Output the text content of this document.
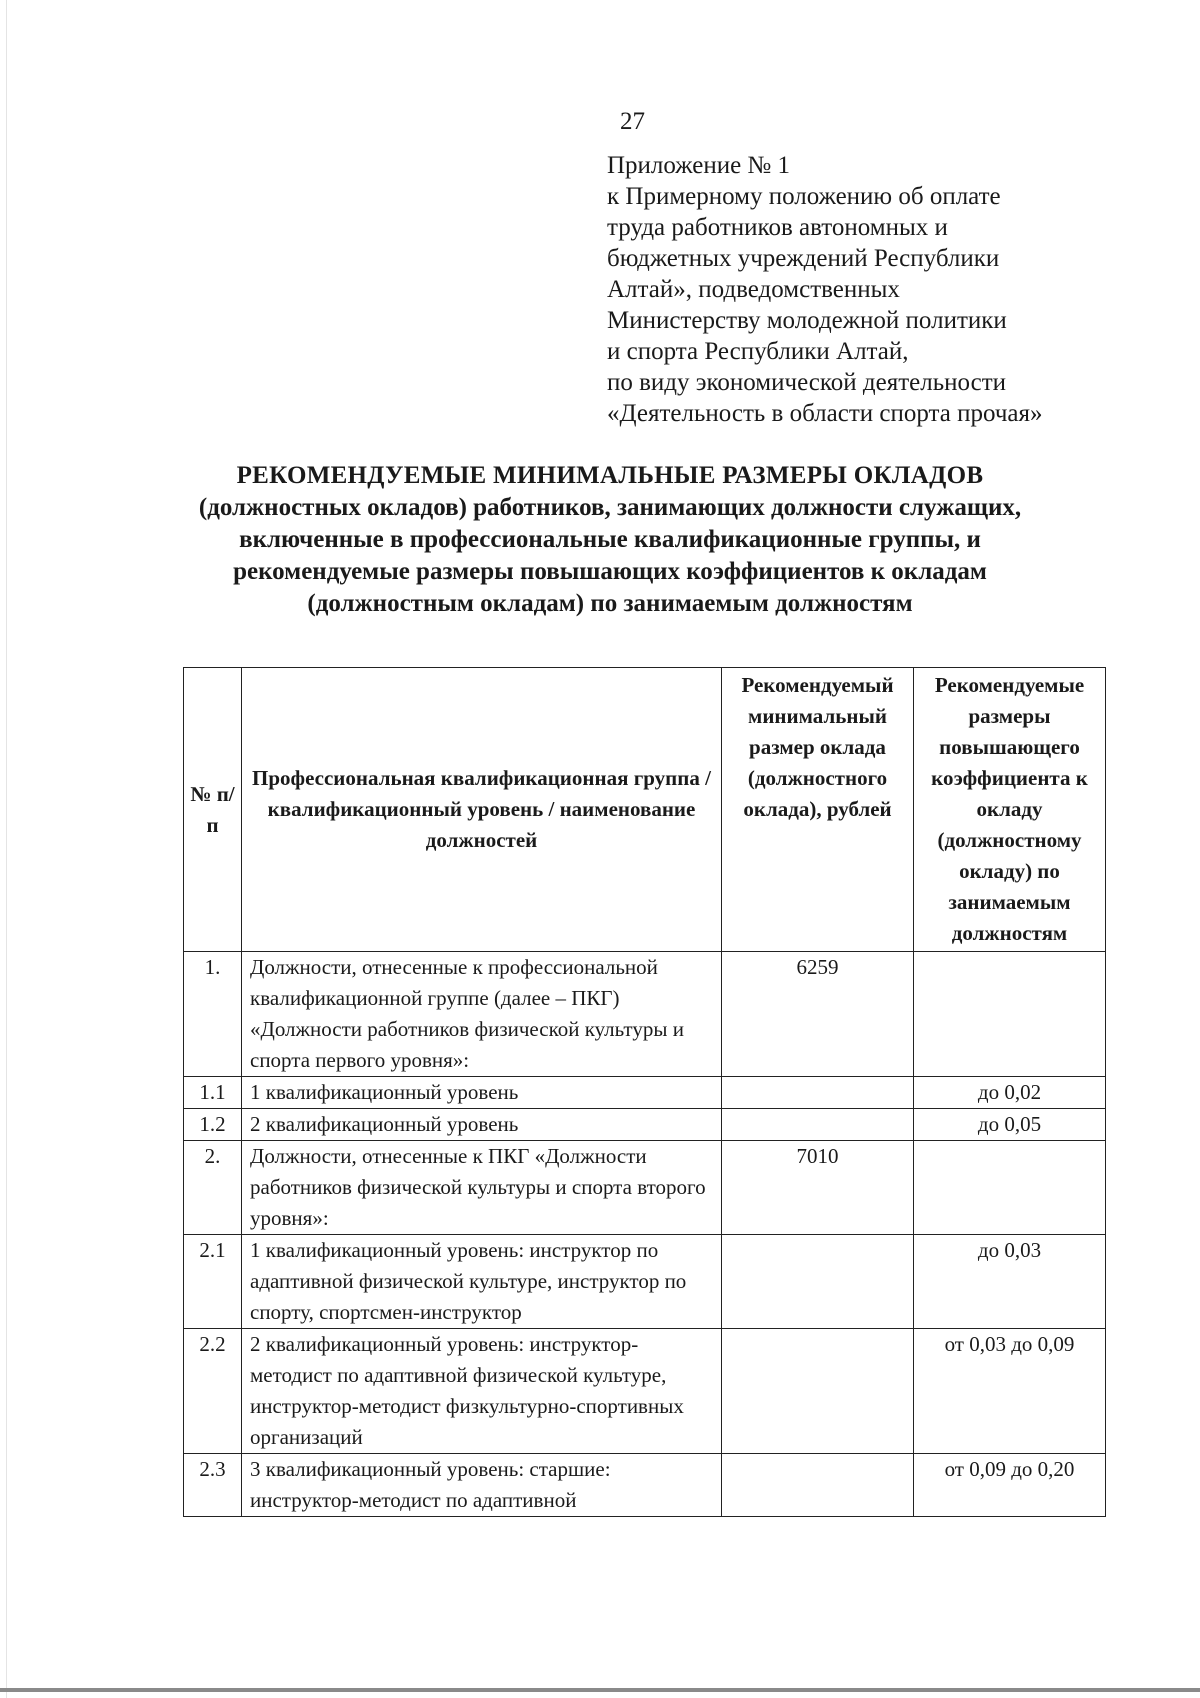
27
Приложение № 1
к Примерному положению об оплате
труда работников автономных и
бюджетных учреждений Республики
Алтай», подведомственных
Министерству молодежной политики
и спорта Республики Алтай,
по виду экономической деятельности
«Деятельность в области спорта прочая»
РЕКОМЕНДУЕМЫЕ МИНИМАЛЬНЫЕ РАЗМЕРЫ ОКЛАДОВ
(должностных окладов) работников, занимающих должности служащих,
включенные в профессиональные квалификационные группы, и
рекомендуемые размеры повышающих коэффициентов к окладам
(должностным окладам) по занимаемым должностям
№ п/п	Профессиональная квалификационная группа / квалификационный уровень / наименование должностей	Рекомендуемый минимальный размер оклада (должностного оклада), рублей	Рекомендуемые размеры повышающего коэффициента к окладу (должностному окладу) по занимаемым должностям
1.	Должности, отнесенные к профессиональной квалификационной группе (далее – ПКГ) «Должности работников физической культуры и спорта первого уровня»:	6259	
1.1	1 квалификационный уровень		до 0,02
1.2	2 квалификационный уровень		до 0,05
2.	Должности, отнесенные к ПКГ «Должности работников физической культуры и спорта второго уровня»:	7010	
2.1	1 квалификационный уровень: инструктор по адаптивной физической культуре, инструктор по спорту, спортсмен-инструктор		до 0,03
2.2	2 квалификационный уровень: инструктор-методист по адаптивной физической культуре, инструктор-методист физкультурно-спортивных организаций		от 0,03 до 0,09
2.3	3 квалификационный уровень: старшие: инструктор-методист по адаптивной		от 0,09 до 0,20
